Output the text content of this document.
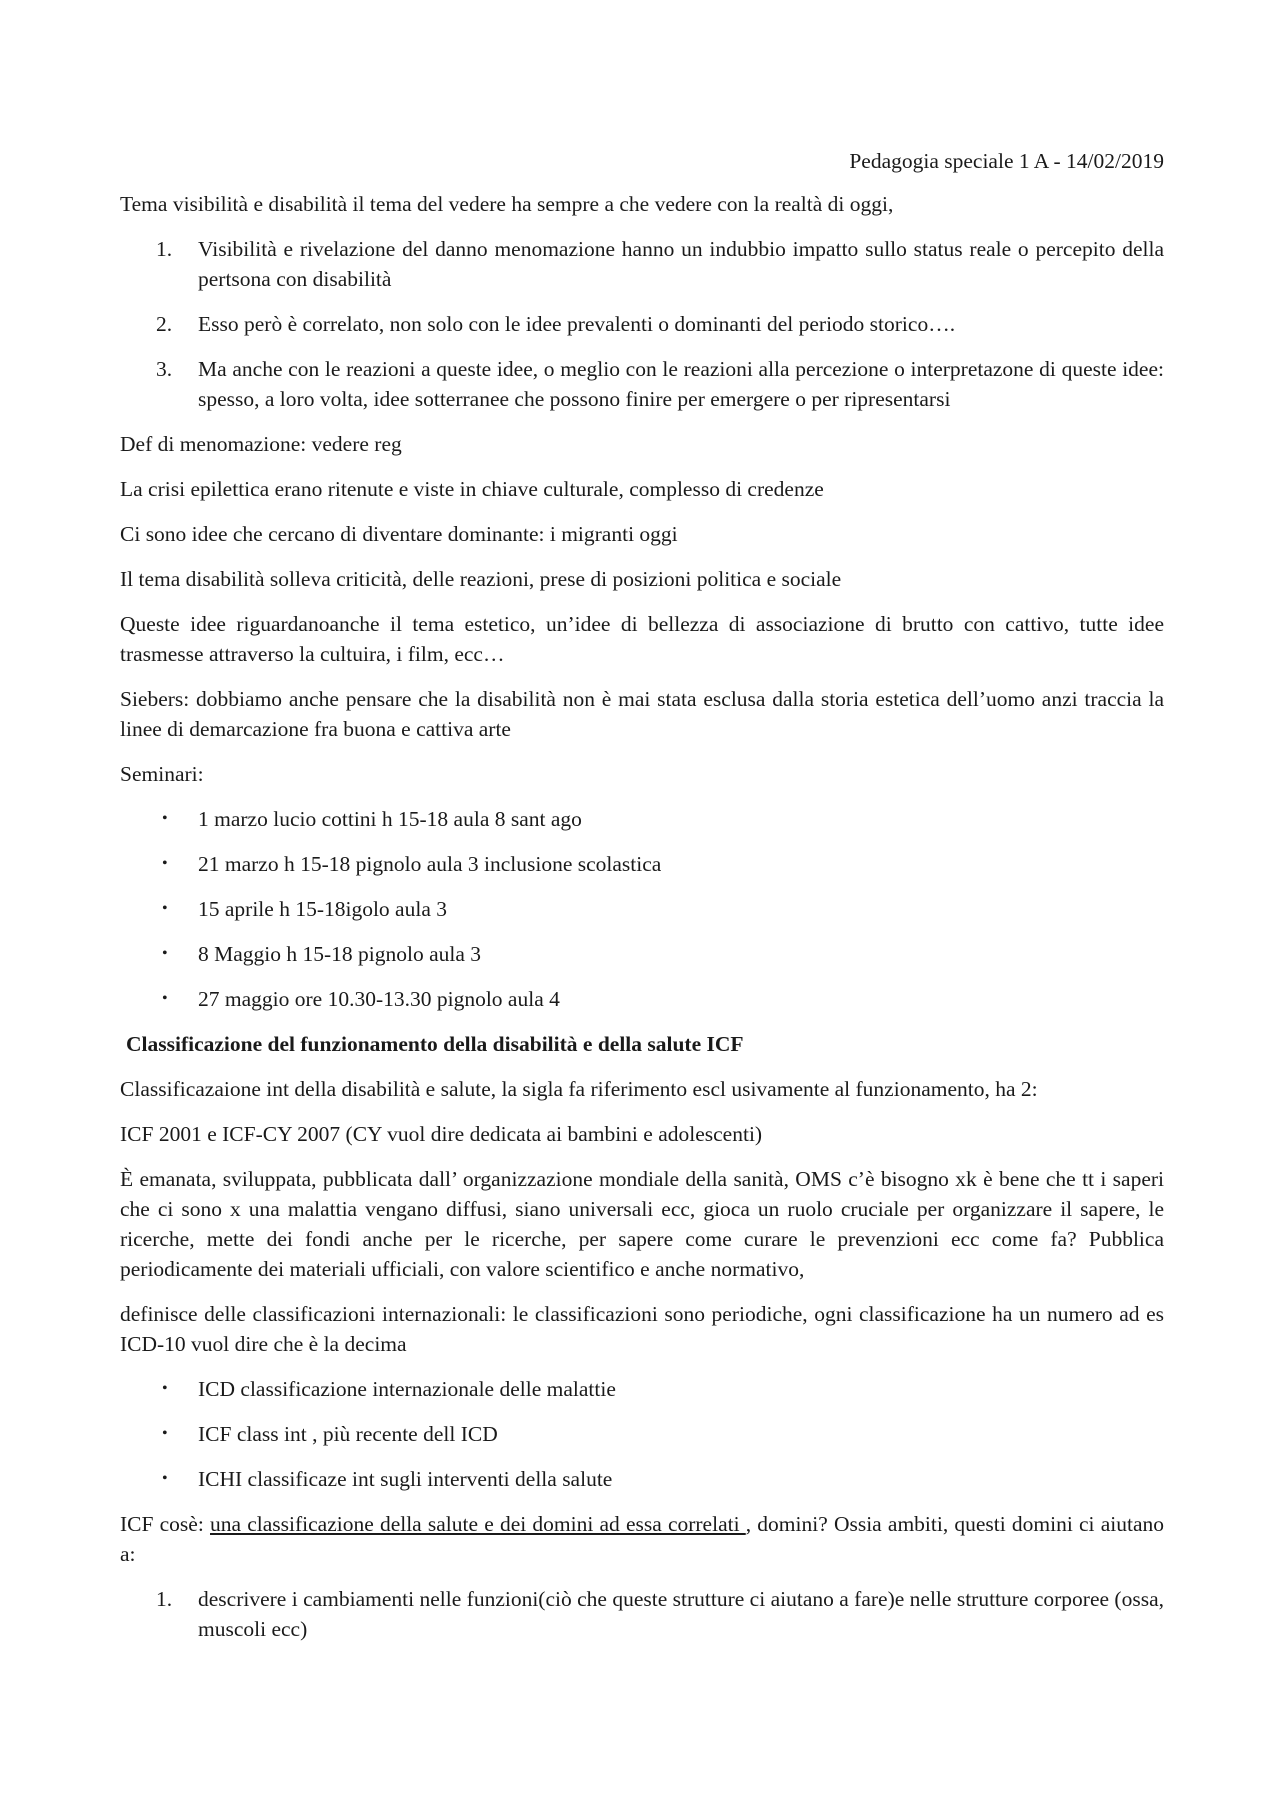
Pedagogia speciale 1 A - 14/02/2019

Tema visibilità e disabilità il tema del vedere ha sempre a che vedere con la realtà di oggi,

1.	Visibilità e rivelazione del danno menomazione hanno un indubbio impatto sullo status reale o percepito della pertsona con disabilità
2.	Esso però è correlato, non solo con le idee prevalenti o dominanti del periodo storico….
3.	Ma anche con le reazioni a queste idee, o meglio con le reazioni alla percezione o interpretazone di queste idee: spesso, a loro volta, idee sotterranee che possono finire per emergere o per ripresentarsi

Def di menomazione: vedere reg

La crisi epilettica erano ritenute e viste in chiave culturale, complesso di credenze

Ci sono idee che cercano di diventare dominante: i migranti oggi

Il tema disabilità solleva criticità, delle reazioni, prese di posizioni politica e sociale

Queste idee riguardanoanche il tema estetico, un’idee di bellezza di associazione di brutto con cattivo, tutte idee trasmesse attraverso la cultuira, i film, ecc…

Siebers: dobbiamo anche pensare che la disabilità non è mai stata esclusa dalla storia estetica dell’uomo anzi traccia la linee di demarcazione fra buona e cattiva arte

Seminari:

•	1 marzo lucio cottini h 15-18 aula 8 sant ago
•	21 marzo h 15-18 pignolo aula 3 inclusione scolastica
•	15 aprile h 15-18igolo aula 3
•	8 Maggio h 15-18 pignolo aula 3
•	27 maggio ore 10.30-13.30 pignolo aula 4

Classificazione del funzionamento della disabilità e della salute ICF

Classificazaione int della disabilità e salute, la sigla fa riferimento escl usivamente al funzionamento, ha 2:

ICF 2001 e ICF-CY 2007 (CY vuol dire dedicata ai bambini e adolescenti)

È emanata, sviluppata, pubblicata dall’ organizzazione mondiale della sanità, OMS c’è bisogno xk è bene che tt i saperi che ci sono x una malattia vengano diffusi, siano universali ecc, gioca un ruolo cruciale per organizzare il sapere, le ricerche, mette dei fondi anche per le ricerche, per sapere come curare le prevenzioni ecc come fa? Pubblica periodicamente dei materiali ufficiali, con valore scientifico e anche normativo,

definisce delle classificazioni internazionali: le classificazioni sono periodiche, ogni classificazione ha un numero ad es ICD-10 vuol dire che è la decima

•	ICD classificazione internazionale delle malattie
•	ICF class int , più recente dell ICD
•	ICHI classificaze int sugli interventi della salute

ICF cosè: una classificazione della salute e dei domini ad essa correlati , domini? Ossia ambiti, questi domini ci aiutano a:

1.	descrivere i cambiamenti nelle funzioni(ciò che queste strutture ci aiutano a fare)e nelle strutture corporee (ossa, muscoli ecc)
